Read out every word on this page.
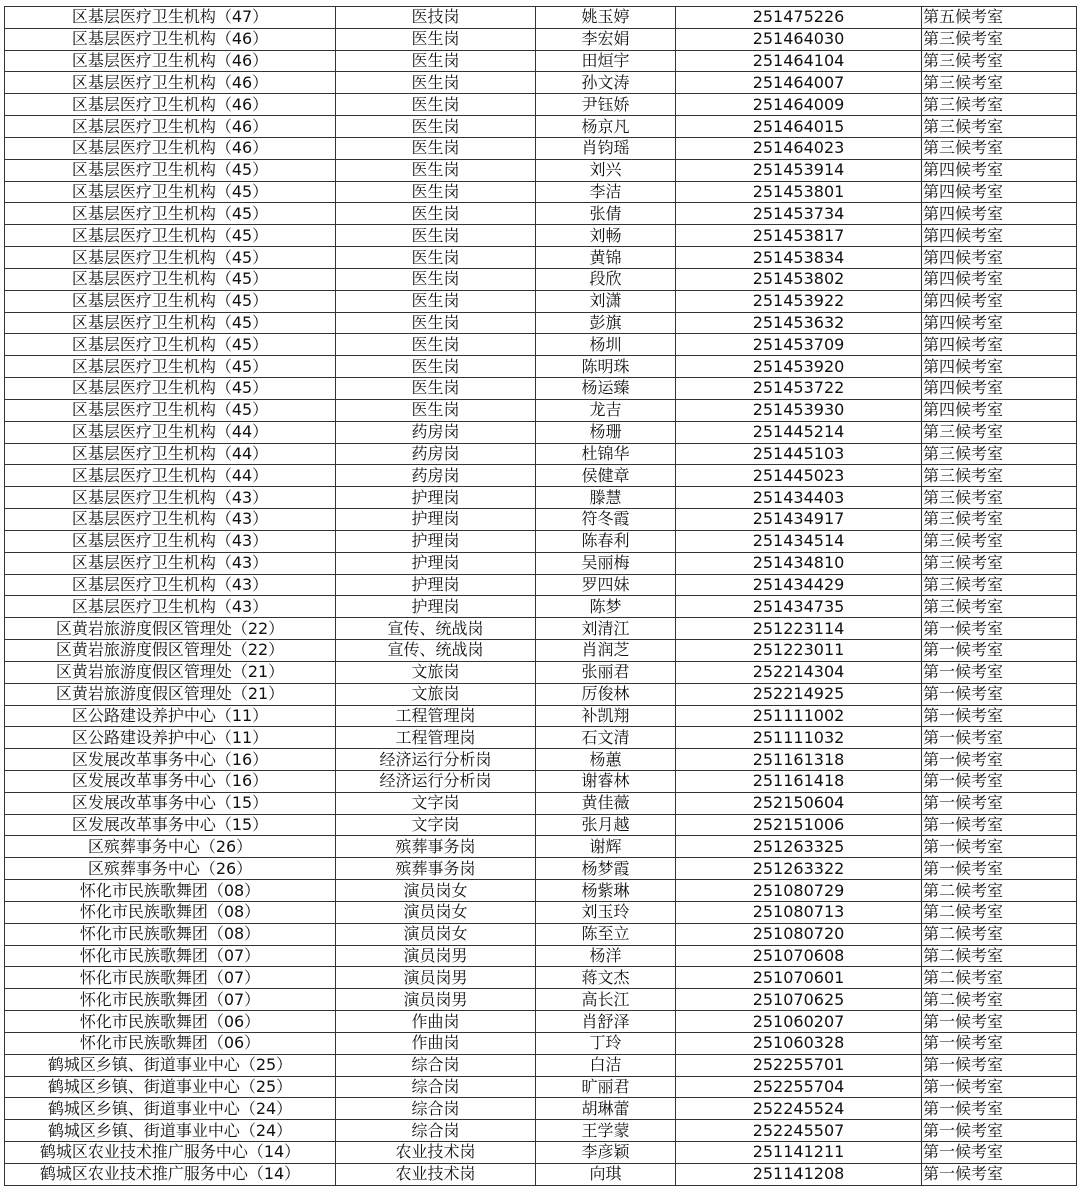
区基层医疗卫生机构（47）	医技岗	姚玉婷	251475226	第五候考室
区基层医疗卫生机构（46）	医生岗	李宏娟	251464030	第三候考室
区基层医疗卫生机构（46）	医生岗	田烜宇	251464104	第三候考室
区基层医疗卫生机构（46）	医生岗	孙文涛	251464007	第三候考室
区基层医疗卫生机构（46）	医生岗	尹钰娇	251464009	第三候考室
区基层医疗卫生机构（46）	医生岗	杨京凡	251464015	第三候考室
区基层医疗卫生机构（46）	医生岗	肖钧瑶	251464023	第三候考室
区基层医疗卫生机构（45）	医生岗	刘兴	251453914	第四候考室
区基层医疗卫生机构（45）	医生岗	李洁	251453801	第四候考室
区基层医疗卫生机构（45）	医生岗	张倩	251453734	第四候考室
区基层医疗卫生机构（45）	医生岗	刘畅	251453817	第四候考室
区基层医疗卫生机构（45）	医生岗	黄锦	251453834	第四候考室
区基层医疗卫生机构（45）	医生岗	段欣	251453802	第四候考室
区基层医疗卫生机构（45）	医生岗	刘潇	251453922	第四候考室
区基层医疗卫生机构（45）	医生岗	彭旗	251453632	第四候考室
区基层医疗卫生机构（45）	医生岗	杨圳	251453709	第四候考室
区基层医疗卫生机构（45）	医生岗	陈明珠	251453920	第四候考室
区基层医疗卫生机构（45）	医生岗	杨运臻	251453722	第四候考室
区基层医疗卫生机构（45）	医生岗	龙吉	251453930	第四候考室
区基层医疗卫生机构（44）	药房岗	杨珊	251445214	第三候考室
区基层医疗卫生机构（44）	药房岗	杜锦华	251445103	第三候考室
区基层医疗卫生机构（44）	药房岗	侯健章	251445023	第三候考室
区基层医疗卫生机构（43）	护理岗	滕慧	251434403	第三候考室
区基层医疗卫生机构（43）	护理岗	符冬霞	251434917	第三候考室
区基层医疗卫生机构（43）	护理岗	陈春利	251434514	第三候考室
区基层医疗卫生机构（43）	护理岗	吴丽梅	251434810	第三候考室
区基层医疗卫生机构（43）	护理岗	罗四妹	251434429	第三候考室
区基层医疗卫生机构（43）	护理岗	陈梦	251434735	第三候考室
区黄岩旅游度假区管理处（22）	宣传、统战岗	刘清江	251223114	第一候考室
区黄岩旅游度假区管理处（22）	宣传、统战岗	肖润芝	251223011	第一候考室
区黄岩旅游度假区管理处（21）	文旅岗	张丽君	252214304	第一候考室
区黄岩旅游度假区管理处（21）	文旅岗	厉俊林	252214925	第一候考室
区公路建设养护中心（11）	工程管理岗	补凯翔	251111002	第一候考室
区公路建设养护中心（11）	工程管理岗	石文清	251111032	第一候考室
区发展改革事务中心（16）	经济运行分析岗	杨蕙	251161318	第一候考室
区发展改革事务中心（16）	经济运行分析岗	谢睿林	251161418	第一候考室
区发展改革事务中心（15）	文字岗	黄佳薇	252150604	第一候考室
区发展改革事务中心（15）	文字岗	张月越	252151006	第一候考室
区殡葬事务中心（26）	殡葬事务岗	谢辉	251263325	第一候考室
区殡葬事务中心（26）	殡葬事务岗	杨梦霞	251263322	第一候考室
怀化市民族歌舞团（08）	演员岗女	杨紫琳	251080729	第二候考室
怀化市民族歌舞团（08）	演员岗女	刘玉玲	251080713	第二候考室
怀化市民族歌舞团（08）	演员岗女	陈至立	251080720	第二候考室
怀化市民族歌舞团（07）	演员岗男	杨洋	251070608	第二候考室
怀化市民族歌舞团（07）	演员岗男	蒋文杰	251070601	第二候考室
怀化市民族歌舞团（07）	演员岗男	高长江	251070625	第二候考室
怀化市民族歌舞团（06）	作曲岗	肖舒泽	251060207	第一候考室
怀化市民族歌舞团（06）	作曲岗	丁玲	251060328	第一候考室
鹤城区乡镇、街道事业中心（25）	综合岗	白洁	252255701	第一候考室
鹤城区乡镇、街道事业中心（25）	综合岗	旷丽君	252255704	第一候考室
鹤城区乡镇、街道事业中心（24）	综合岗	胡琳蕾	252245524	第一候考室
鹤城区乡镇、街道事业中心（24）	综合岗	王学蒙	252245507	第一候考室
鹤城区农业技术推广服务中心（14）	农业技术岗	李彦颖	251141211	第一候考室
鹤城区农业技术推广服务中心（14）	农业技术岗	向琪	251141208	第一候考室
